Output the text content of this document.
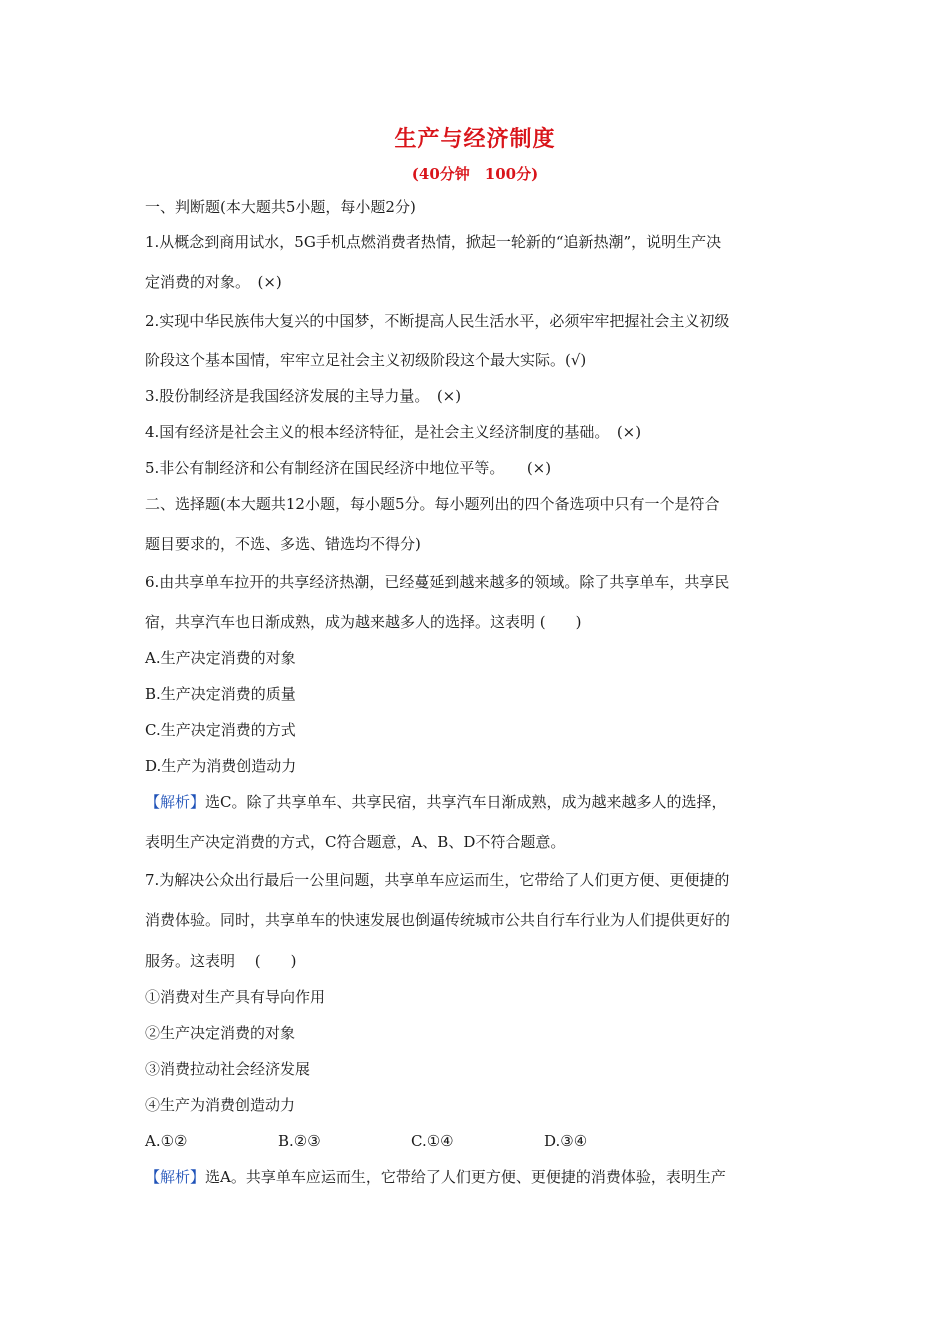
生产与经济制度
(40分钟　100分)
一、判断题(本大题共5小题，每小题2分)
1.从概念到商用试水，5G手机点燃消费者热情，掀起一轮新的“追新热潮”，说明生产决
定消费的对象。　(×)
2.实现中华民族伟大复兴的中国梦，不断提高人民生活水平，必须牢牢把握社会主义初级
阶段这个基本国情，牢牢立足社会主义初级阶段这个最大实际。(√)
3.股份制经济是我国经济发展的主导力量。　(×)
4.国有经济是社会主义的根本经济特征，是社会主义经济制度的基础。　(×)
5.非公有制经济和公有制经济在国民经济中地位平等。　　(×)
二、选择题(本大题共12小题，每小题5分。每小题列出的四个备选项中只有一个是符合
题目要求的，不选、多选、错选均不得分)
6.由共享单车拉开的共享经济热潮，已经蔓延到越来越多的领域。除了共享单车，共享民
宿，共享汽车也日渐成熟，成为越来越多人的选择。这表明 (　　)
A.生产决定消费的对象
B.生产决定消费的质量
C.生产决定消费的方式
D.生产为消费创造动力
【解析】选C。除了共享单车、共享民宿，共享汽车日渐成熟，成为越来越多人的选择，
表明生产决定消费的方式，C符合题意，A、B、D不符合题意。
7.为解决公众出行最后一公里问题，共享单车应运而生，它带给了人们更方便、更便捷的
消费体验。同时，共享单车的快速发展也倒逼传统城市公共自行车行业为人们提供更好的
服务。这表明　 (　　)
①消费对生产具有导向作用
②生产决定消费的对象
③消费拉动社会经济发展
④生产为消费创造动力
A.①②	B.②③	C.①④	D.③④
【解析】选A。共享单车应运而生，它带给了人们更方便、更便捷的消费体验，表明生产
